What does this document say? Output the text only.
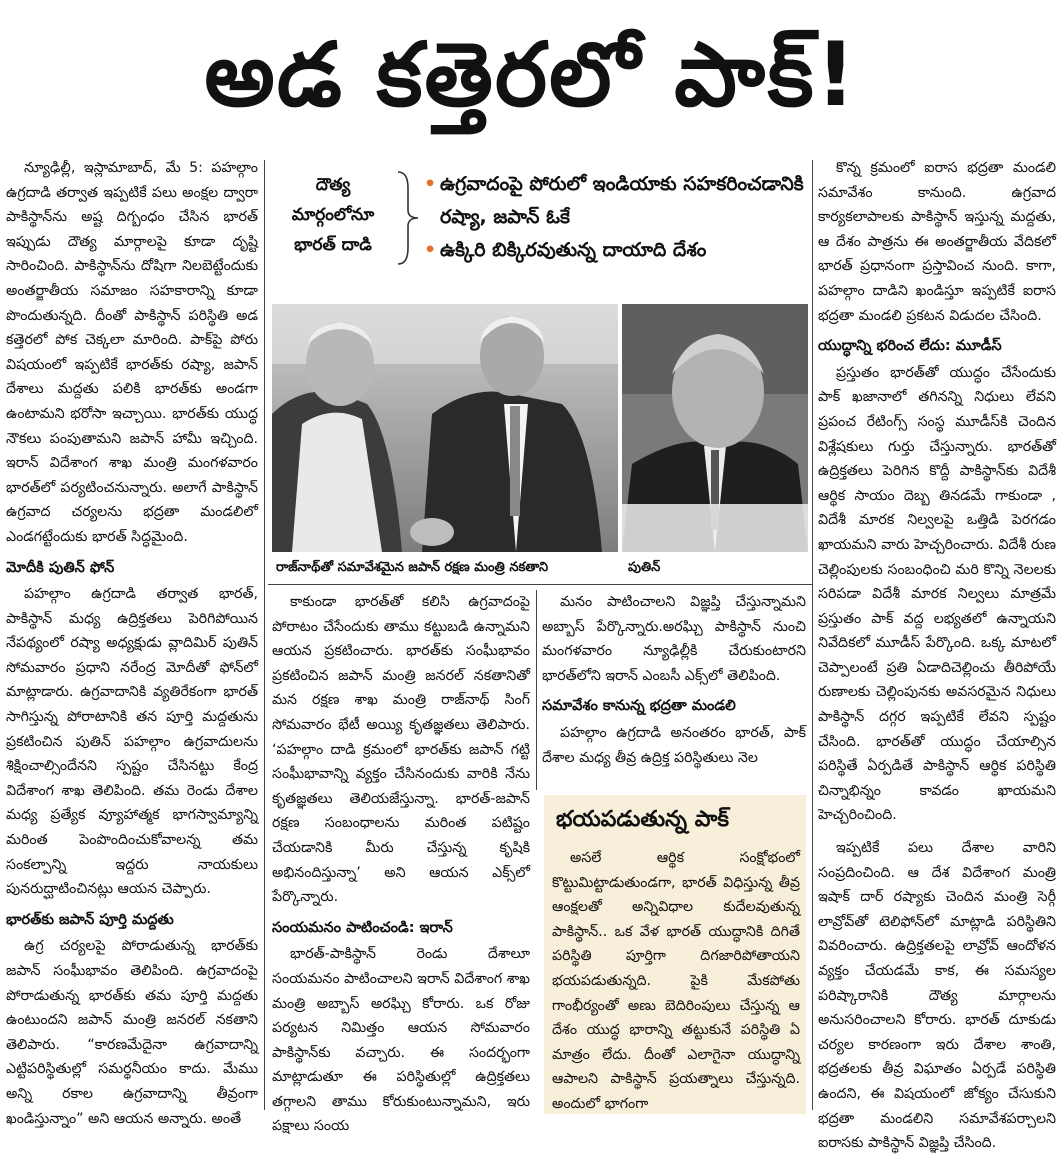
అడ కత్తెరలో పాక్!

న్యూఢిల్లీ, ఇస్లామాబాద్, మే 5: పహల్గాం ఉగ్రదాడి తర్వాత ఇప్పటికే పలు అంక్షల ద్వారా పాకిస్థాన్‌ను అష్ట దిగ్బంధం చేసిన భారత్ ఇప్పుడు దౌత్య మార్గాలపై కూడా దృష్టి సారించింది. పాకిస్థాన్‌ను దోషిగా నిలబెట్టేందుకు అంతర్జాతీయ సమాజం సహకారాన్ని కూడా పొందుతున్నది. దీంతో పాకిస్థాన్ పరిస్థితి అడ కత్తెరలో పోక చెక్కలా మారింది. పాక్‌పై పోరు విషయంలో ఇప్పటికే భారత్‌కు రష్యా, జపాన్ దేశాలు మద్దతు పలికి భారత్‌కు అండగా ఉంటామని భరోసా ఇచ్చాయి. భారత్‌కు యుద్ధ నౌకలు పంపుతామని జపాన్ హామీ ఇచ్చింది. ఇరాన్ విదేశాంగ శాఖ మంత్రి మంగళవారం భారత్‌లో పర్యటించనున్నారు. అలాగే పాకిస్థాన్ ఉగ్రవాద చర్యలను భద్రతా మండలిలో ఎండగట్టేందుకు భారత్ సిద్ధమైంది.

మోదీకి పుతిన్ ఫోన్

పహల్గాం ఉగ్రదాడి తర్వాత భారత్, పాకిస్థాన్ మధ్య ఉద్రిక్తతలు పెరిగిపోయిన నేపథ్యంలో రష్యా అధ్యక్షుడు వ్లాదిమిర్ పుతిన్ సోమవారం ప్రధాని నరేంద్ర మోదీతో ఫోన్‌లో మాట్లాడారు. ఉగ్రవాదానికి వ్యతిరేకంగా భారత్ సాగిస్తున్న పోరాటానికి తన పూర్తి మద్దతును ప్రకటించిన పుతిన్ పహల్గాం ఉగ్రవాదులను శిక్షించాల్సిందేనని స్పష్టం చేసినట్టు కేంద్ర విదేశాంగ శాఖ తెలిపింది. తమ రెండు దేశాల మధ్య ప్రత్యేక వ్యూహాత్మక భాగస్వామ్యాన్ని మరింత పెంపొందించుకోవాలన్న తమ సంకల్పాన్ని ఇద్దరు నాయకులు పునరుద్ఘాటించినట్లు ఆయన చెప్పారు.

భారత్‌కు జపాన్ పూర్తి మద్దతు

ఉగ్ర చర్యలపై పోరాడుతున్న భారత్‌కు జపాన్ సంఘీభావం తెలిపింది. ఉగ్రవాదంపై పోరాడుతున్న భారత్‌కు తమ పూర్తి మద్దతు ఉంటుందని జపాన్ మంత్రి జనరల్ నకతాని తెలిపారు. “కారణమేదైనా ఉగ్రవాదాన్ని ఎట్టిపరిస్థితుల్లో సమర్థనీయం కాదు. మేము అన్ని రకాల ఉగ్రవాదాన్ని తీవ్రంగా ఖండిస్తున్నాం” అని ఆయన అన్నారు. అంతే

దౌత్య మార్గంలోనూ భారత్ దాడి
• ఉగ్రవాదంపై పోరులో ఇండియాకు సహకరించడానికి రష్యా, జపాన్ ఓకే
• ఉక్కిరి బిక్కిరవుతున్న దాయాది దేశం
రాజ్‌నాథ్‌తో సమావేశమైన జపాన్ రక్షణ మంత్రి నకతాని	పుతిన్

కాకుండా భారత్‌తో కలిసి ఉగ్రవాదంపై పోరాటం చేసేందుకు తాము కట్టుబడి ఉన్నామని ఆయన ప్రకటించారు. భారత్‌కు సంఘీభావం ప్రకటించిన జపాన్ మంత్రి జనరల్ నకతానితో మన రక్షణ శాఖ మంత్రి రాజ్‌నాథ్ సింగ్ సోమవారం భేటీ అయ్యి కృతజ్ఞతలు తెలిపారు. ‘పహల్గాం దాడి క్రమంలో భారత్‌కు జపాన్ గట్టి సంఘీభావాన్ని వ్యక్తం చేసినందుకు వారికి నేను కృతజ్ఞతలు తెలియజేస్తున్నా. భారత్-జపాన్ రక్షణ సంబంధాలను మరింత పటిష్టం చేయడానికి మీరు చేస్తున్న కృషికి అభినందిస్తున్నా’ అని ఆయన ఎక్స్‌లో పేర్కొన్నారు.

సంయమనం పాటించండి: ఇరాన్

భారత్-పాకిస్థాన్ రెండు దేశాలూ సంయమనం పాటించాలని ఇరాన్ విదేశాంగ శాఖ మంత్రి అబ్బాస్ అరఘ్చి కోరారు. ఒక రోజు పర్యటన నిమిత్తం ఆయన సోమవారం పాకిస్థాన్‌కు వచ్చారు. ఈ సందర్భంగా మాట్లాడుతూ ఈ పరిస్థితుల్లో ఉద్రిక్తతలు తగ్గాలని తాము కోరుకుంటున్నామని, ఇరు పక్షాలు సంయ

మనం పాటించాలని విజ్ఞప్తి చేస్తున్నామని అబ్బాస్ పేర్కొన్నారు.అరఘ్చి పాకిస్థాన్ నుంచి మంగళవారం న్యూఢిల్లీకి చేరుకుంటారని భారత్‌లోని ఇరాన్ ఎంబసీ ఎక్స్‌లో తెలిపింది.

సమావేశం కానున్న భద్రతా మండలి

పహల్గాం ఉగ్రదాడి అనంతరం భారత్, పాక్ దేశాల మధ్య తీవ్ర ఉద్రిక్త పరిస్థితులు నెల

భయపడుతున్న పాక్

అసలే ఆర్థిక సంక్షోభంలో కొట్టుమిట్టాడుతుండగా, భారత్ విధిస్తున్న తీవ్ర ఆంక్షలతో అన్నివిధాల కుదేలవుతున్న పాకిస్థాన్.. ఒక వేళ భారత్ యుద్ధానికి దిగితే పరిస్థితి పూర్తిగా దిగజారిపోతాయని భయపడుతున్నది. పైకి మేకపోతు గాంభీర్యంతో అణు బెదిరింపులు చేస్తున్న ఆ దేశం యుద్ధ భారాన్ని తట్టుకునే పరిస్థితి ఏ మాత్రం లేదు. దీంతో ఎలాగైనా యుద్ధాన్ని ఆపాలని పాకిస్థాన్ ప్రయత్నాలు చేస్తున్నది. అందులో భాగంగా

కొన్న క్రమంలో ఐరాస భద్రతా మండలి సమావేశం కానుంది. ఉగ్రవాద కార్యకలాపాలకు పాకిస్థాన్ ఇస్తున్న మద్దతు, ఆ దేశం పాత్రను ఈ అంతర్జాతీయ వేదికలో భారత్ ప్రధానంగా ప్రస్తావించ నుంది. కాగా, పహల్గాం దాడిని ఖండిస్తూ ఇప్పటికే ఐరాస భద్రతా మండలి ప్రకటన విడుదల చేసింది.

యుద్ధాన్ని భరించ లేదు: మూడీస్

ప్రస్తుతం భారత్‌తో యుద్ధం చేసేందుకు పాక్ ఖజానాలో తగినన్ని నిధులు లేవని ప్రపంచ రేటింగ్స్ సంస్థ మూడీస్‌కి చెందిన విశ్లేషకులు గుర్తు చేస్తున్నారు. భారత్‌తో ఉద్రిక్తతలు పెరిగిన కొద్దీ పాకిస్థాన్‌కు విదేశీ ఆర్థిక సాయం దెబ్బ తినడమే గాకుండా , విదేశీ మారక నిల్వలపై ఒత్తిడి పెరగడం ఖాయమని వారు హెచ్చరించారు. విదేశీ రుణ చెల్లింపులకు సంబంధించి మరి కొన్ని నెలలకు సరిపడా విదేశీ మారక నిల్వలు మాత్రమే ప్రస్తుతం పాక్ వద్ద లభ్యతలో ఉన్నాయని నివేదికలో మూడీస్ పేర్కొంది. ఒక్క మాటలో చెప్పాలంటే ప్రతి ఏడాదిచెల్లించు తీరిపోయే రుణాలకు చెల్లింపునకు అవసరమైన నిధులు పాకిస్థాన్ దగ్గర ఇప్పటికే లేవని స్పష్టం చేసింది. భారత్‌తో యుద్ధం చేయాల్సిన పరిస్థితే ఏర్పడితే పాకిస్థాన్ ఆర్థిక పరిస్థితి చిన్నాభిన్నం కావడం ఖాయమని హెచ్చరించింది.

ఇప్పటికే పలు దేశాల వారిని సంప్రదించింది. ఆ దేశ విదేశాంగ మంత్రి ఇషాక్ దార్ రష్యాకు చెందిన మంత్రి సెర్గీ లావ్రోవ్‌తో టెలిఫోన్‌లో మాట్లాడి పరిస్థితిని వివరించారు. ఉద్రిక్తతలపై లావ్రోవ్ ఆందోళన వ్యక్తం చేయడమే కాక, ఈ సమస్యల పరిష్కారానికి దౌత్య మార్గాలను అనుసరించాలని కోరారు. భారత్ దూకుడు చర్యల కారణంగా ఇరు దేశాల శాంతి, భద్రతలకు తీవ్ర విఘాతం ఏర్పడే పరిస్థితి ఉందని, ఈ విషయంలో జోక్యం చేసుకుని భద్రతా మండలిని సమావేశపర్చాలని ఐరాసకు పాకిస్థాన్ విజ్ఞప్తి చేసింది.
